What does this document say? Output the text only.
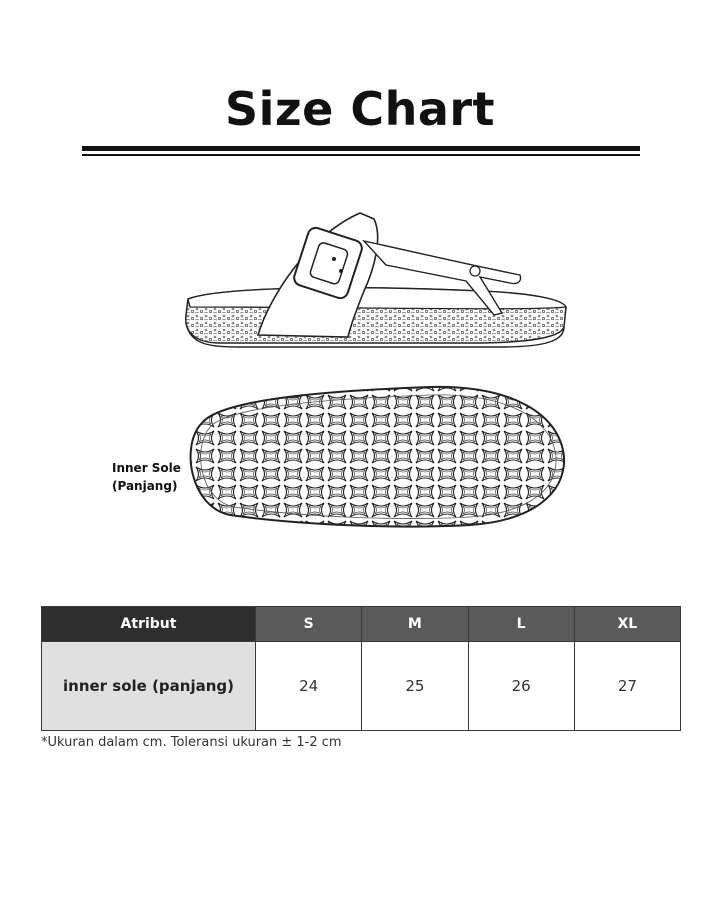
Size Chart
Inner Sole
(Panjang)
Atribut	S	M	L	XL
inner sole (panjang)	24	25	26	27
*Ukuran dalam cm. Toleransi ukuran ± 1-2 cm
